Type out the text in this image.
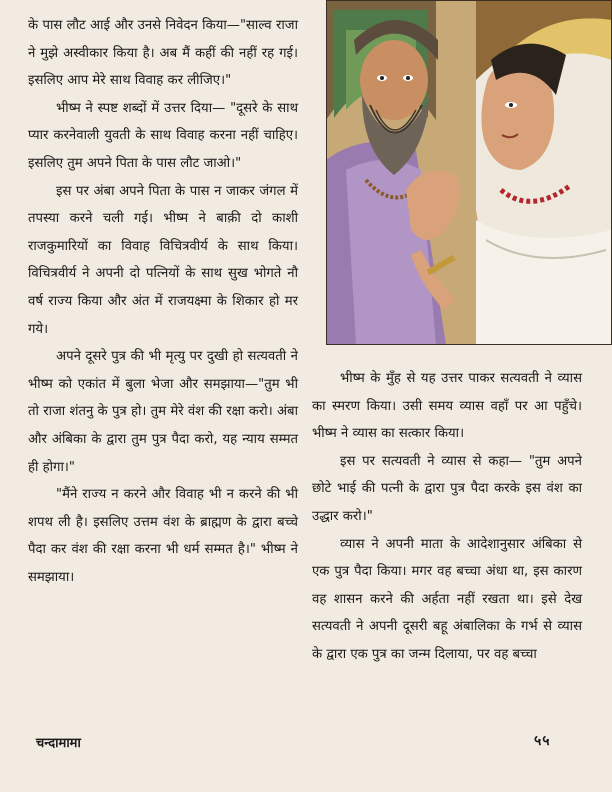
के पास लौट आई और उनसे निवेदन किया—"साल्व राजा ने मुझे अस्वीकार किया है। अब मैं कहीं की नहीं रह गई। इसलिए आप मेरे साथ विवाह कर लीजिए।"

भीष्म ने स्पष्ट शब्दों में उत्तर दिया— "दूसरे के साथ प्यार करनेवाली युवती के साथ विवाह करना नहीं चाहिए। इसलिए तुम अपने पिता के पास लौट जाओ।"

इस पर अंबा अपने पिता के पास न जाकर जंगल में तपस्या करने चली गई। भीष्म ने बाक़ी दो काशी राजकुमारियों का विवाह विचित्रवीर्य के साथ किया। विचित्रवीर्य ने अपनी दो पत्नियों के साथ सुख भोगते नौ वर्ष राज्य किया और अंत में राजयक्ष्मा के शिकार हो मर गये।

अपने दूसरे पुत्र की भी मृत्यु पर दुखी हो सत्यवती ने भीष्म को एकांत में बुला भेजा और समझाया—"तुम भी तो राजा शंतनु के पुत्र हो। तुम मेरे वंश की रक्षा करो। अंबा और अंबिका के द्वारा तुम पुत्र पैदा करो, यह न्याय सम्मत ही होगा।"

"मैंने राज्य न करने और विवाह भी न करने की भी शपथ ली है। इसलिए उत्तम वंश के ब्राह्मण के द्वारा बच्चे पैदा कर वंश की रक्षा करना भी धर्म सम्मत है।" भीष्म ने समझाया।

भीष्म के मुँह से यह उत्तर पाकर सत्यवती ने व्यास का स्मरण किया। उसी समय व्यास वहाँ पर आ पहुँचे। भीष्म ने व्यास का सत्कार किया।

इस पर सत्यवती ने व्यास से कहा— "तुम अपने छोटे भाई की पत्नी के द्वारा पुत्र पैदा करके इस वंश का उद्धार करो।"

व्यास ने अपनी माता के आदेशानुसार अंबिका से एक पुत्र पैदा किया। मगर वह बच्चा अंधा था, इस कारण वह शासन करने की अर्हता नहीं रखता था। इसे देख सत्यवती ने अपनी दूसरी बहू अंबालिका के गर्भ से व्यास के द्वारा एक पुत्र का जन्म दिलाया, पर वह बच्चा

चन्दामामा	५५
